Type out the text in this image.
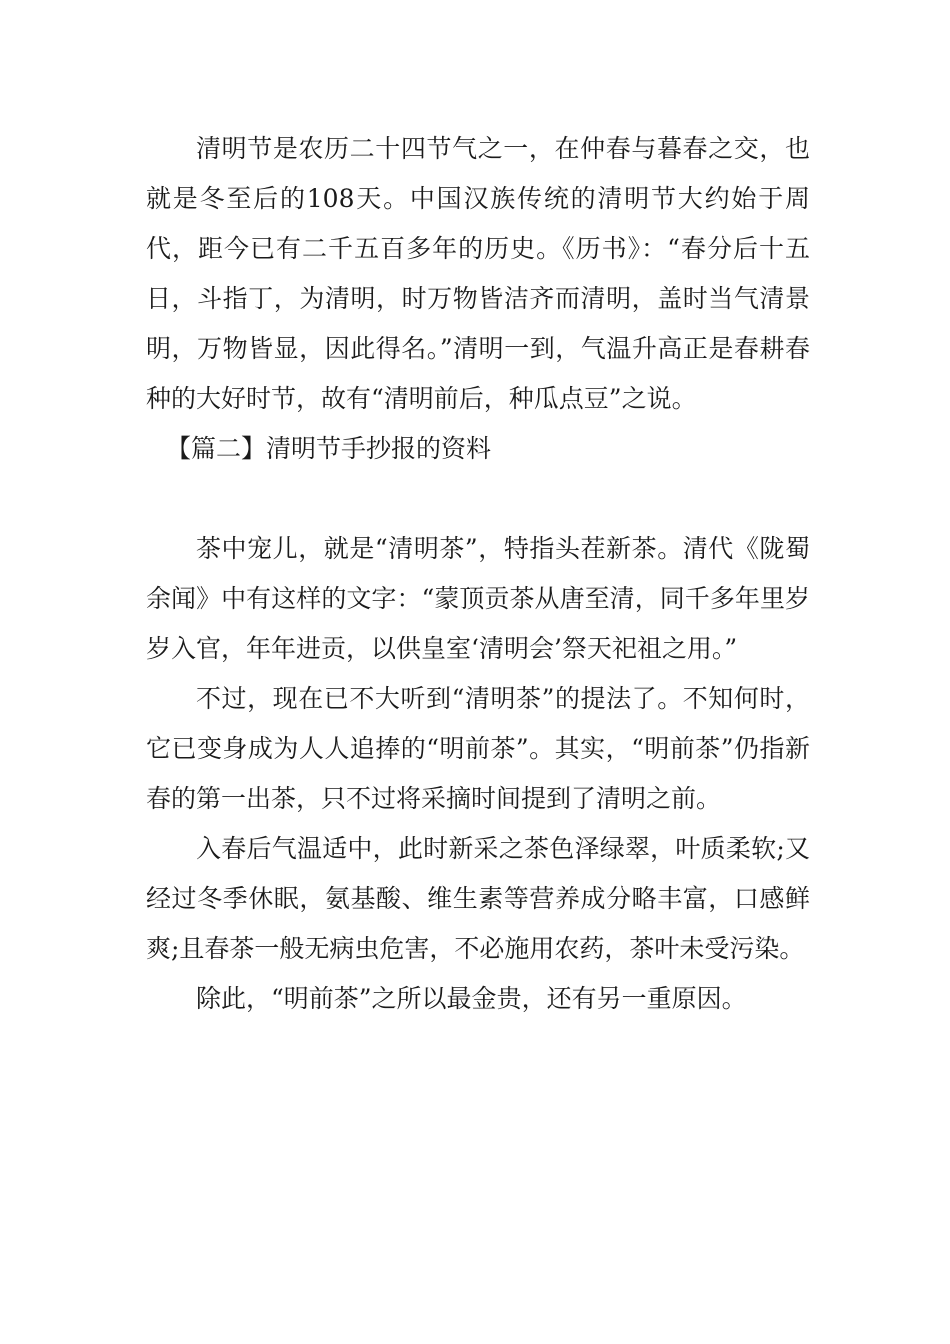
清明节是农历二十四节气之一，在仲春与暮春之交，也就是冬至后的108天。中国汉族传统的清明节大约始于周代，距今已有二千五百多年的历史。《历书》：“春分后十五日，斗指丁，为清明，时万物皆洁齐而清明，盖时当气清景明，万物皆显，因此得名。”清明一到，气温升高正是春耕春种的大好时节，故有“清明前后，种瓜点豆”之说。

【篇二】清明节手抄报的资料

茶中宠儿，就是“清明茶”，特指头茬新茶。清代《陇蜀余闻》中有这样的文字：“蒙顶贡茶从唐至清，同千多年里岁岁入官，年年进贡，以供皇室‘清明会’祭天祀祖之用。”

不过，现在已不大听到“清明茶”的提法了。不知何时，它已变身成为人人追捧的“明前茶”。其实，“明前茶”仍指新春的第一出茶，只不过将采摘时间提到了清明之前。

入春后气温适中，此时新采之茶色泽绿翠，叶质柔软;又经过冬季休眠，氨基酸、维生素等营养成分略丰富，口感鲜爽;且春茶一般无病虫危害，不必施用农药，茶叶未受污染。

除此，“明前茶”之所以最金贵，还有另一重原因。
